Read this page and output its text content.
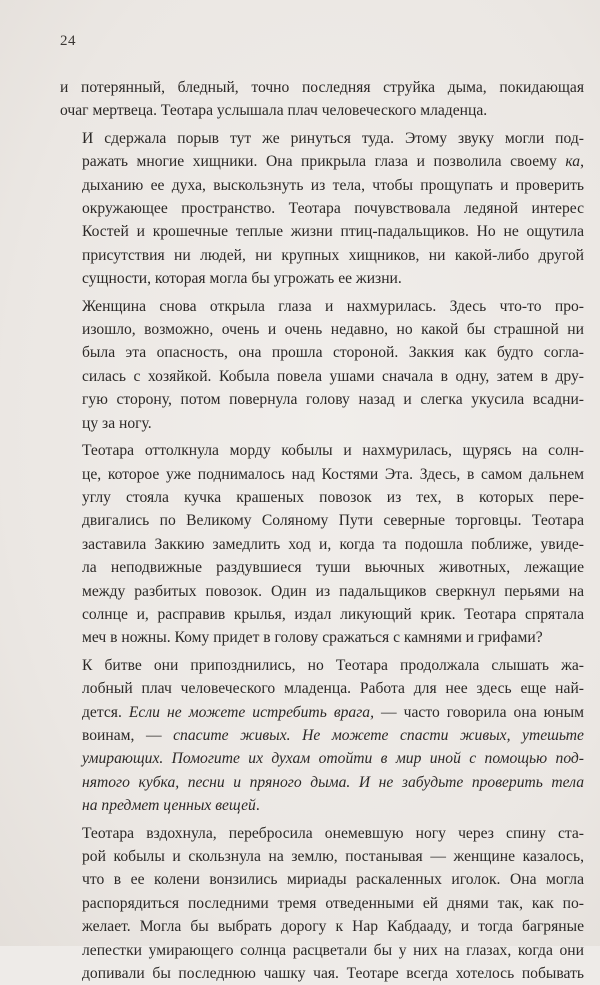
24

и потерянный, бледный, точно последняя струйка дыма, покидающая
очаг мертвеца. Теотара услышала плач человеческого младенца.

И сдержала порыв тут же ринуться туда. Этому звуку могли под-
ражать многие хищники. Она прикрыла глаза и позволила своему ка,
дыханию ее духа, выскользнуть из тела, чтобы прощупать и проверить
окружающее пространство. Теотара почувствовала ледяной интерес
Костей и крошечные теплые жизни птиц-падальщиков. Но не ощутила
присутствия ни людей, ни крупных хищников, ни какой-либо другой
сущности, которая могла бы угрожать ее жизни.

Женщина снова открыла глаза и нахмурилась. Здесь что-то про-
изошло, возможно, очень и очень недавно, но какой бы страшной ни
была эта опасность, она прошла стороной. Заккия как будто согла-
силась с хозяйкой. Кобыла повела ушами сначала в одну, затем в дру-
гую сторону, потом повернула голову назад и слегка укусила всадни-
цу за ногу.

Теотара оттолкнула морду кобылы и нахмурилась, щурясь на солн-
це, которое уже поднималось над Костями Эта. Здесь, в самом дальнем
углу стояла кучка крашеных повозок из тех, в которых пере-
двигались по Великому Соляному Пути северные торговцы. Теотара
заставила Заккию замедлить ход и, когда та подошла поближе, увиде-
ла неподвижные раздувшиеся туши вьючных животных, лежащие
между разбитых повозок. Один из падальщиков сверкнул перьями на
солнце и, расправив крылья, издал ликующий крик. Теотара спрятала
меч в ножны. Кому придет в голову сражаться с камнями и грифами?

К битве они припозднились, но Теотара продолжала слышать жа-
лобный плач человеческого младенца. Работа для нее здесь еще най-
дется. Если не можете истребить врага, — часто говорила она юным
воинам, — спасите живых. Не можете спасти живых, утешьте
умирающих. Помогите их духам отойти в мир иной с помощью под-
нятого кубка, песни и пряного дыма. И не забудьте проверить тела
на предмет ценных вещей.

Теотара вздохнула, перебросила онемевшую ногу через спину ста-
рой кобылы и скользнула на землю, постанывая — женщине казалось,
что в ее колени вонзились мириады раскаленных иголок. Она могла
распорядиться последними тремя отведенными ей днями так, как по-
желает. Могла бы выбрать дорогу к Нар Кабдааду, и тогда багряные
лепестки умирающего солнца расцветали бы у них на глазах, когда они
допивали бы последнюю чашку чая. Теотаре всегда хотелось побывать
